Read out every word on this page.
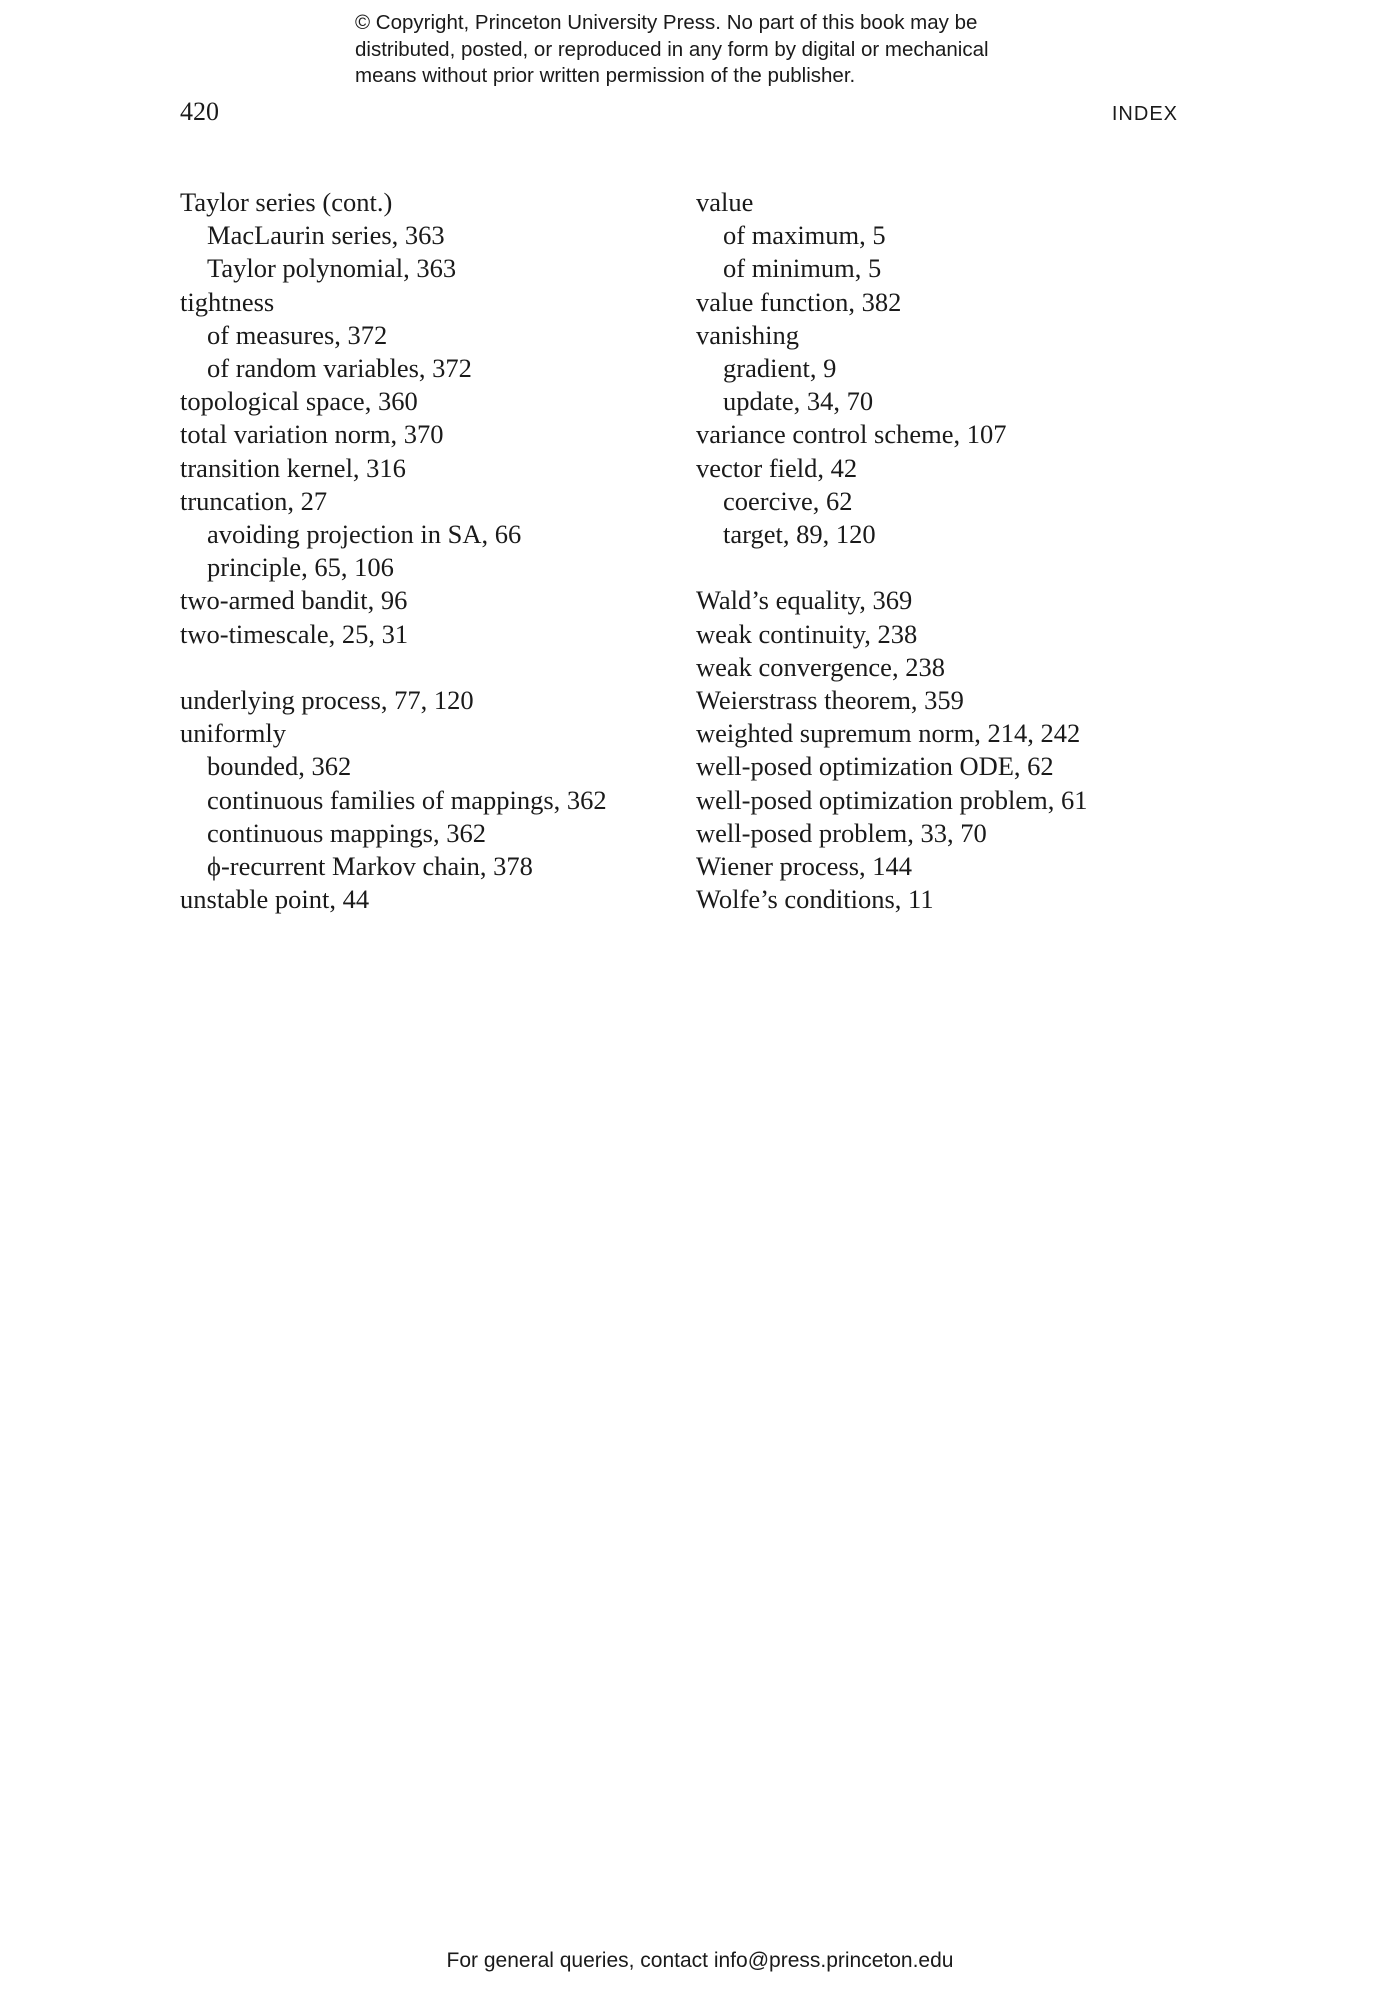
© Copyright, Princeton University Press. No part of this book may be
distributed, posted, or reproduced in any form by digital or mechanical
means without prior written permission of the publisher.
420	INDEX
Taylor series (cont.)
MacLaurin series, 363
Taylor polynomial, 363
tightness
of measures, 372
of random variables, 372
topological space, 360
total variation norm, 370
transition kernel, 316
truncation, 27
avoiding projection in SA, 66
principle, 65, 106
two-armed bandit, 96
two-timescale, 25, 31
underlying process, 77, 120
uniformly
bounded, 362
continuous families of mappings, 362
continuous mappings, 362
ϕ-recurrent Markov chain, 378
unstable point, 44
value
of maximum, 5
of minimum, 5
value function, 382
vanishing
gradient, 9
update, 34, 70
variance control scheme, 107
vector field, 42
coercive, 62
target, 89, 120
Wald’s equality, 369
weak continuity, 238
weak convergence, 238
Weierstrass theorem, 359
weighted supremum norm, 214, 242
well-posed optimization ODE, 62
well-posed optimization problem, 61
well-posed problem, 33, 70
Wiener process, 144
Wolfe’s conditions, 11
For general queries, contact info@press.princeton.edu
